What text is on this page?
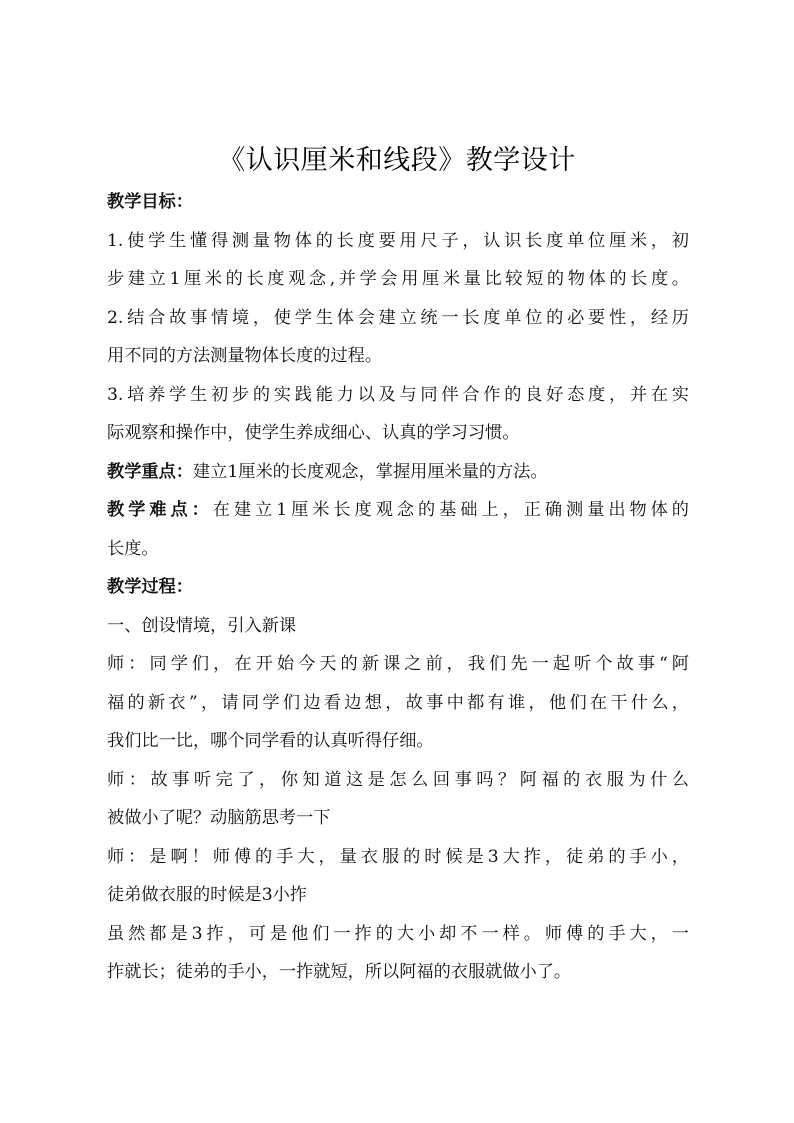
《认识厘米和线段》教学设计
教学目标：
1.使学生懂得测量物体的长度要用尺子，认识长度单位厘米，初
步建立1厘米的长度观念,并学会用厘米量比较短的物体的长度。
2.结合故事情境，使学生体会建立统一长度单位的必要性，经历
用不同的方法测量物体长度的过程。
3.培养学生初步的实践能力以及与同伴合作的良好态度，并在实
际观察和操作中，使学生养成细心、认真的学习习惯。
教学重点：建立1厘米的长度观念，掌握用厘米量的方法。
教学难点：在建立1厘米长度观念的基础上，正确测量出物体的
长度。
教学过程：
一、创设情境，引入新课
师：同学们，在开始今天的新课之前，我们先一起听个故事“阿
福的新衣”，请同学们边看边想，故事中都有谁，他们在干什么，
我们比一比，哪个同学看的认真听得仔细。
师：故事听完了，你知道这是怎么回事吗？阿福的衣服为什么
被做小了呢？动脑筋思考一下
师：是啊！师傅的手大，量衣服的时候是3大拃，徒弟的手小，
徒弟做衣服的时候是3小拃
虽然都是3拃，可是他们一拃的大小却不一样。师傅的手大，一
拃就长；徒弟的手小，一拃就短，所以阿福的衣服就做小了。
